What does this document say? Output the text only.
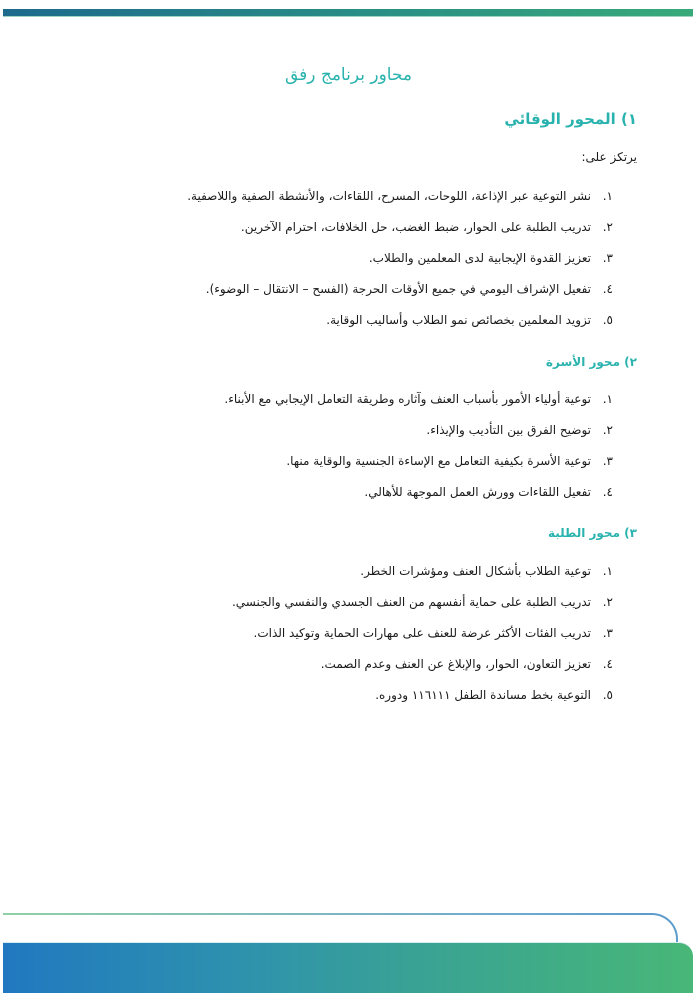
محاور برنامج رفق
١) المحور الوقائي
يرتكز على:
١.
نشر التوعية عبر الإذاعة، اللوحات، المسرح، اللقاءات، والأنشطة الصفية واللاصفية.
٢.
تدريب الطلبة على الحوار، ضبط الغضب، حل الخلافات، احترام الآخرين.
٣.
تعزيز القدوة الإيجابية لدى المعلمين والطلاب.
٤.
تفعيل الإشراف اليومي في جميع الأوقات الحرجة (الفسح – الانتقال – الوضوء).
٥.
تزويد المعلمين بخصائص نمو الطلاب وأساليب الوقاية.
٢) محور الأسرة
١.
توعية أولياء الأمور بأسباب العنف وآثاره وطريقة التعامل الإيجابي مع الأبناء.
٢.
توضيح الفرق بين التأديب والإيذاء.
٣.
توعية الأسرة بكيفية التعامل مع الإساءة الجنسية والوقاية منها.
٤.
تفعيل اللقاءات وورش العمل الموجهة للأهالي.
٣) محور الطلبة
١.
توعية الطلاب بأشكال العنف ومؤشرات الخطر.
٢.
تدريب الطلبة على حماية أنفسهم من العنف الجسدي والنفسي والجنسي.
٣.
تدريب الفئات الأكثر عرضة للعنف على مهارات الحماية وتوكيد الذات.
٤.
تعزيز التعاون، الحوار، والإبلاغ عن العنف وعدم الصمت.
٥.
التوعية بخط مساندة الطفل ١١٦١١١ ودوره.
